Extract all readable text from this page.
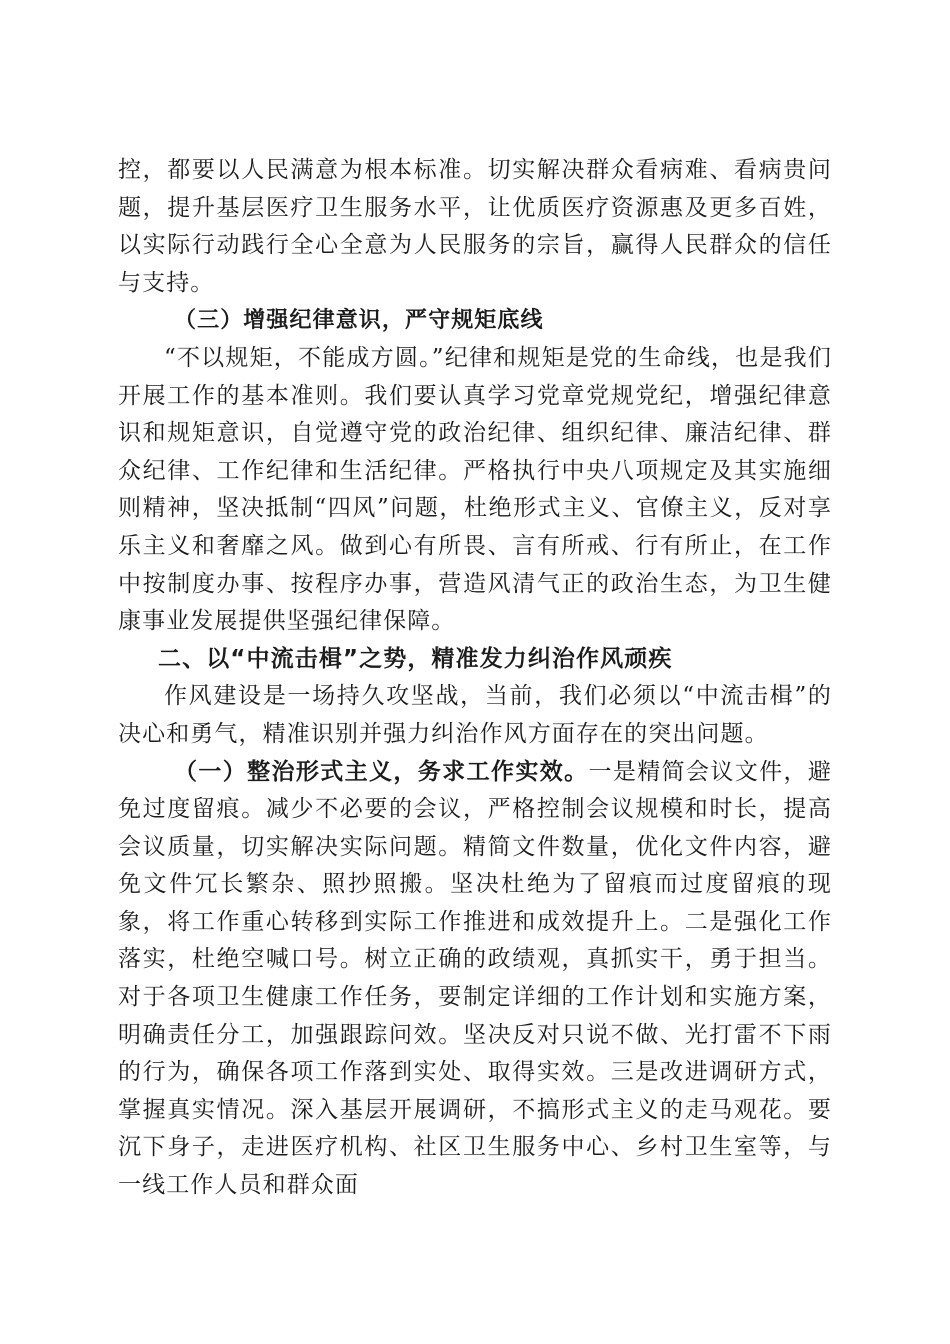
控，都要以人民满意为根本标准。切实解决群众看病难、看病贵问题，提升基层医疗卫生服务水平，让优质医疗资源惠及更多百姓，以实际行动践行全心全意为人民服务的宗旨，赢得人民群众的信任与支持。

（三）增强纪律意识，严守规矩底线

“不以规矩，不能成方圆。”纪律和规矩是党的生命线，也是我们开展工作的基本准则。我们要认真学习党章党规党纪，增强纪律意识和规矩意识，自觉遵守党的政治纪律、组织纪律、廉洁纪律、群众纪律、工作纪律和生活纪律。严格执行中央八项规定及其实施细则精神，坚决抵制“四风”问题，杜绝形式主义、官僚主义，反对享乐主义和奢靡之风。做到心有所畏、言有所戒、行有所止，在工作中按制度办事、按程序办事，营造风清气正的政治生态，为卫生健康事业发展提供坚强纪律保障。

二、以“中流击楫”之势，精准发力纠治作风顽疾

作风建设是一场持久攻坚战，当前，我们必须以“中流击楫”的决心和勇气，精准识别并强力纠治作风方面存在的突出问题。

（一）整治形式主义，务求工作实效。一是精简会议文件，避免过度留痕。减少不必要的会议，严格控制会议规模和时长，提高会议质量，切实解决实际问题。精简文件数量，优化文件内容，避免文件冗长繁杂、照抄照搬。坚决杜绝为了留痕而过度留痕的现象，将工作重心转移到实际工作推进和成效提升上。二是强化工作落实，杜绝空喊口号。树立正确的政绩观，真抓实干，勇于担当。对于各项卫生健康工作任务，要制定详细的工作计划和实施方案，明确责任分工，加强跟踪问效。坚决反对只说不做、光打雷不下雨的行为，确保各项工作落到实处、取得实效。三是改进调研方式，掌握真实情况。深入基层开展调研，不搞形式主义的走马观花。要沉下身子，走进医疗机构、社区卫生服务中心、乡村卫生室等，与一线工作人员和群众面
